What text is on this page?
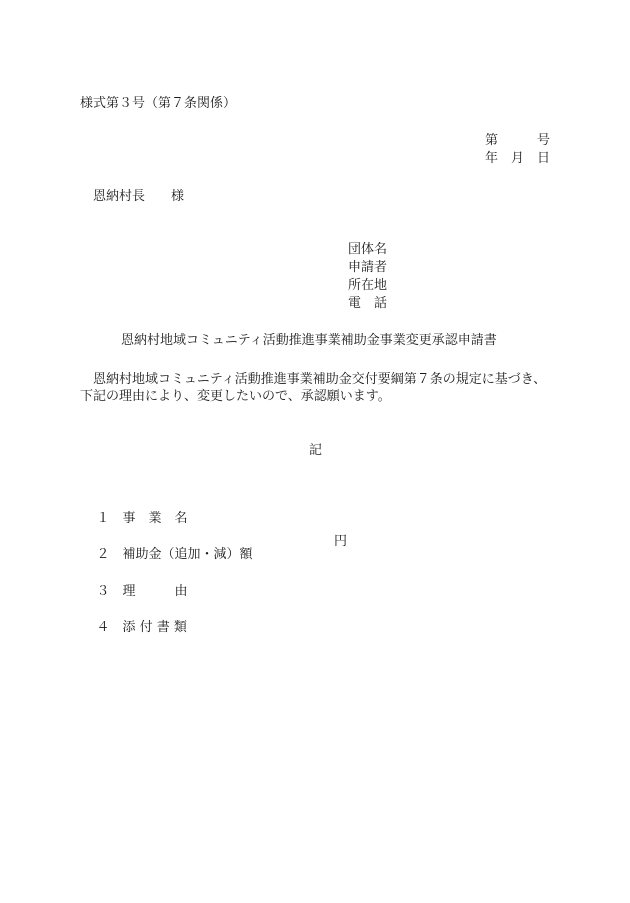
様式第３号（第７条関係）
第　　　号
年　月　日
恩納村長　　様
団体名
申請者
所在地
電　話
恩納村地域コミュニティ活動推進事業補助金事業変更承認申請書
　恩納村地域コミュニティ活動推進事業補助金交付要綱第７条の規定に基づき、
下記の理由により、変更したいので、承認願います。
記

１ 事　業　名

２ 補助金（追加・減）額

円

３ 理　　　由

４ 添 付 書 類
